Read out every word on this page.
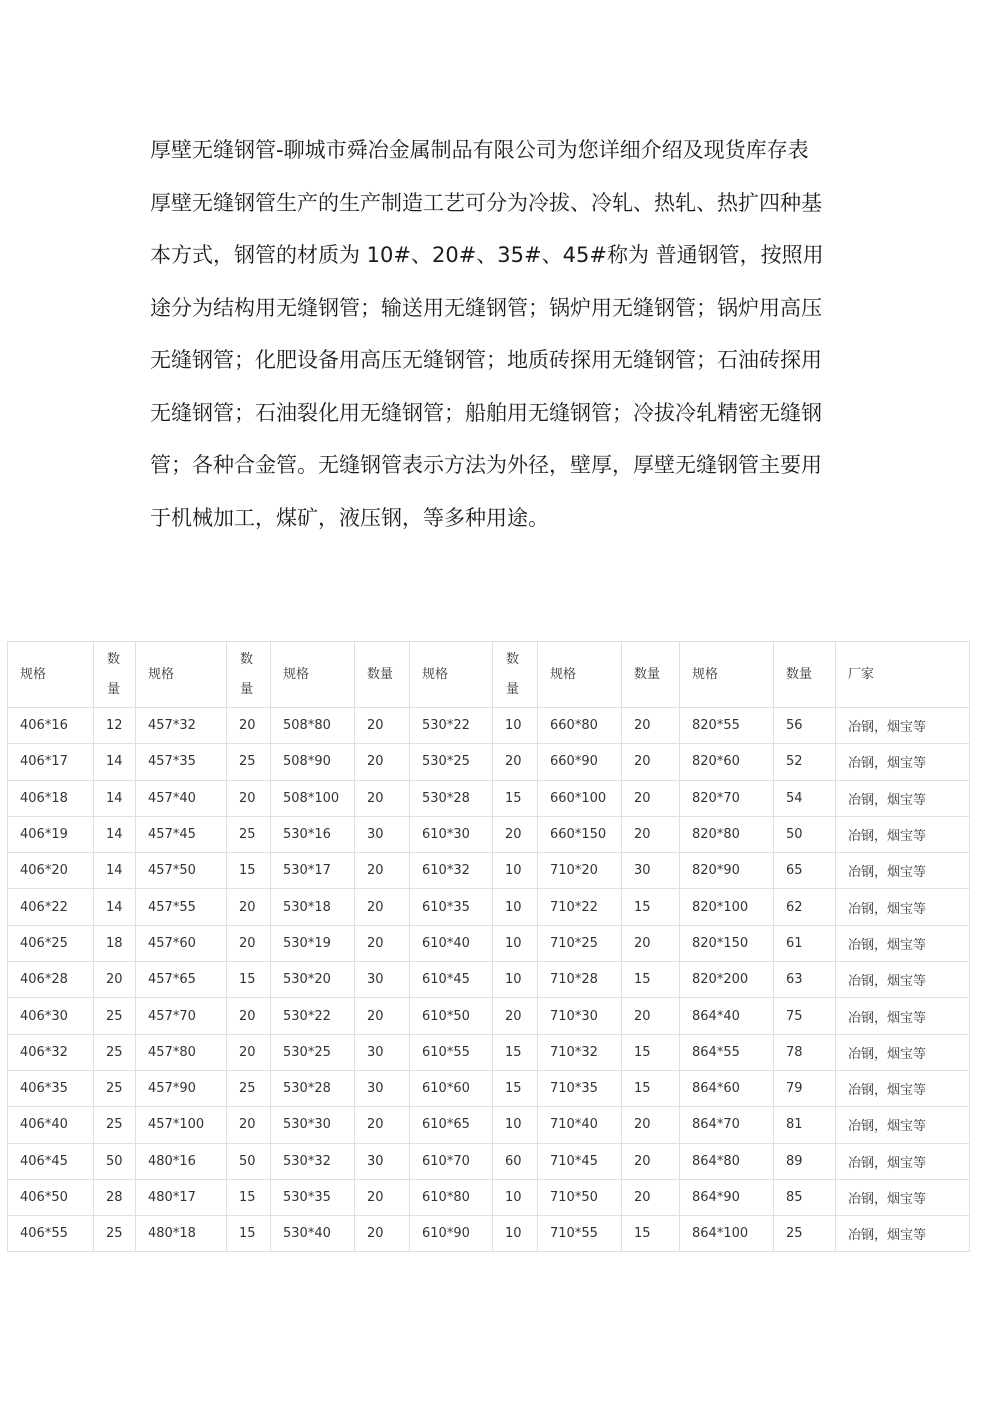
厚壁无缝钢管-聊城市舜冶金属制品有限公司为您详细介绍及现货库存表

厚壁无缝钢管生产的生产制造工艺可分为冷拔、冷轧、热轧、热扩四种基本方式，钢管的材质为 10#、20#、35#、45#称为 普通钢管，按照用途分为结构用无缝钢管；输送用无缝钢管；锅炉用无缝钢管；锅炉用高压无缝钢管；化肥设备用高压无缝钢管；地质砖探用无缝钢管；石油砖探用无缝钢管；石油裂化用无缝钢管；船舶用无缝钢管；冷拔冷轧精密无缝钢管；各种合金管。无缝钢管表示方法为外径，壁厚，厚壁无缝钢管主要用于机械加工，煤矿，液压钢，等多种用途。

规格	数量	规格	数量	规格	数量	规格	数量	规格	数量	规格	数量	厂家
406*16	12	457*32	20	508*80	20	530*22	10	660*80	20	820*55	56	冶钢，烟宝等
406*17	14	457*35	25	508*90	20	530*25	20	660*90	20	820*60	52	冶钢，烟宝等
406*18	14	457*40	20	508*100	20	530*28	15	660*100	20	820*70	54	冶钢，烟宝等
406*19	14	457*45	25	530*16	30	610*30	20	660*150	20	820*80	50	冶钢，烟宝等
406*20	14	457*50	15	530*17	20	610*32	10	710*20	30	820*90	65	冶钢，烟宝等
406*22	14	457*55	20	530*18	20	610*35	10	710*22	15	820*100	62	冶钢，烟宝等
406*25	18	457*60	20	530*19	20	610*40	10	710*25	20	820*150	61	冶钢，烟宝等
406*28	20	457*65	15	530*20	30	610*45	10	710*28	15	820*200	63	冶钢，烟宝等
406*30	25	457*70	20	530*22	20	610*50	20	710*30	20	864*40	75	冶钢，烟宝等
406*32	25	457*80	20	530*25	30	610*55	15	710*32	15	864*55	78	冶钢，烟宝等
406*35	25	457*90	25	530*28	30	610*60	15	710*35	15	864*60	79	冶钢，烟宝等
406*40	25	457*100	20	530*30	20	610*65	10	710*40	20	864*70	81	冶钢，烟宝等
406*45	50	480*16	50	530*32	30	610*70	60	710*45	20	864*80	89	冶钢，烟宝等
406*50	28	480*17	15	530*35	20	610*80	10	710*50	20	864*90	85	冶钢，烟宝等
406*55	25	480*18	15	530*40	20	610*90	10	710*55	15	864*100	25	冶钢，烟宝等
